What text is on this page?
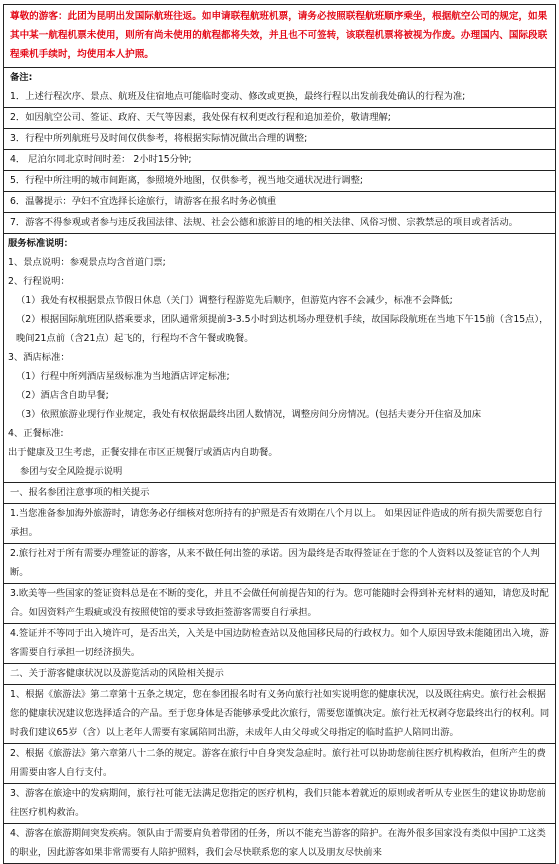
尊敬的游客：此团为昆明出发国际航班往返。如申请联程航班机票，请务必按照联程航班顺序乘坐，根据航空公司的规定，如果其中某一航程机票未使用，则所有尚未使用的航程都将失效，并且也不可签转，该联程机票将被视为作废。办理国内、国际段联程乘机手续时，均使用本人护照。
备注:
1．上述行程次序、景点、航班及住宿地点可能临时变动、修改或更换，最终行程以出发前我处确认的行程为准;
2．如因航空公司、签证、政府、天气等因素，我处保有权利更改行程和追加差价，敬请理解;
3．行程中所列航班号及时间仅供参考，将根据实际情况做出合理的调整;
4． 尼泊尔同北京时间时差： 2小时15分钟;
5．行程中所注明的城市间距离，参照境外地图，仅供参考，视当地交通状况进行调整;
6．温馨提示：孕妇不宜选择长途旅行，请游客在报名时务必慎重
7．游客不得参观或者参与违反我国法律、法规、社会公德和旅游目的地的相关法律、风俗习惯、宗教禁忌的项目或者活动。
服务标准说明：
1、景点说明：参观景点均含首道门票;
2、行程说明：
（1）我处有权根据景点节假日休息（关门）调整行程游览先后顺序，但游览内容不会减少，标准不会降低;
（2）根据国际航班团队搭乘要求，团队通常须提前3-3.5小时到达机场办理登机手续，故国际段航班在当地下午15前（含15点），晚间21点前（含21点）起飞的，行程均不含午餐或晚餐。
3、酒店标准：
（1）行程中所列酒店星级标准为当地酒店评定标准;
（2）酒店含自助早餐;
（3）依照旅游业现行作业规定，我处有权依据最终出团人数情况，调整房间分房情况。(包括夫妻分开住宿及加床
4、正餐标准:
出于健康及卫生考虑，正餐安排在市区正规餐厅或酒店内自助餐。
参团与安全风险提示说明
一、报名参团注意事项的相关提示
1.当您准备参加海外旅游时，请您务必仔细核对您所持有的护照是否有效期在八个月以上。 如果因证件造成的所有损失需要您自行承担。
2.旅行社对于所有需要办理签证的游客，从来不做任何出签的承诺。因为最终是否取得签证在于您的个人资料以及签证官的个人判断。
3.欧美等一些国家的签证资料总是在不断的变化，并且不会做任何前提告知的行为。您可能随时会得到补充材料的通知，请您及时配合。如因资料产生瑕疵或没有按照使馆的要求导致拒签游客需要自行承担。
4.签证并不等同于出入境许可，是否出关，入关是中国边防检查站以及他国移民局的行政权力。如个人原因导致未能随团出入境，游客需要自行承担一切经济损失。
二、关于游客健康状况以及游览活动的风险相关提示
1、根据《旅游法》第二章第十五条之规定，您在参团报名时有义务向旅行社如实说明您的健康状况，以及既往病史。旅行社会根据您的健康状况建议您选择适合的产品。至于您身体是否能够承受此次旅行，需要您谨慎决定。旅行社无权剥夺您最终出行的权利。同时我们建议65岁（含）以上老年人需要有家属陪同出游，未成年人由父母或父母指定的临时监护人陪同出游。
2、根据《旅游法》第六章第八十二条的规定。游客在旅行中自身突发急症时。旅行社可以协助您前往医疗机构救治，但所产生的费用需要由客人自行支付。
3、游客在旅途中的发病期间，旅行社可能无法满足您指定的医疗机构，我们只能本着就近的原则或者听从专业医生的建议协助您前往医疗机构救治。
4、游客在旅游期间突发疾病。领队由于需要肩负着带团的任务，所以不能充当游客的陪护。在海外很多国家没有类似中国护工这类的职业，因此游客如果非常需要有人陪护照料，我们会尽快联系您的家人以及朋友尽快前来
